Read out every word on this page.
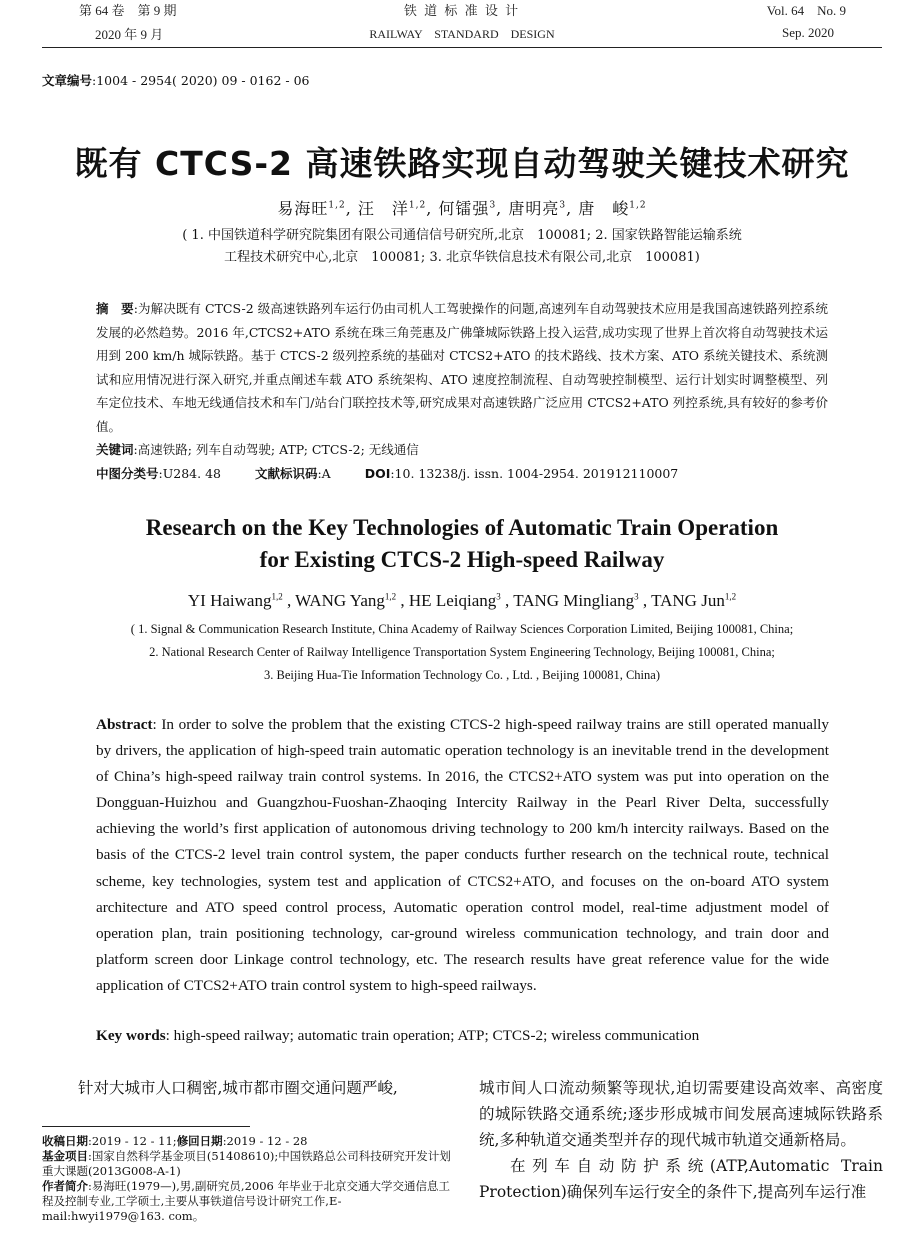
第 64 卷　第 9 期
2020 年 9 月
铁 道 标 准 设 计
RAILWAY　STANDARD　DESIGN
Vol. 64　No. 9
Sep. 2020
文章编号:1004 - 2954( 2020) 09 - 0162 - 06
既有 CTCS-2 高速铁路实现自动驾驶关键技术研究
易海旺$^{1,2}$, 汪　洋$^{1,2}$, 何镭强$^3$, 唐明亮$^3$, 唐　峻$^{1,2}$
( 1. 中国铁道科学研究院集团有限公司通信信号研究所,北京　100081; 2. 国家铁路智能运输系统
工程技术研究中心,北京　100081; 3. 北京华铁信息技术有限公司,北京　100081)
摘　要:为解决既有 CTCS-2 级高速铁路列车运行仍由司机人工驾驶操作的问题,高速列车自动驾驶技术应用是我国高速铁路列控系统发展的必然趋势。2016 年,CTCS2+ATO 系统在珠三角莞惠及广佛肇城际铁路上投入运营,成功实现了世界上首次将自动驾驶技术运用到 200 km/h 城际铁路。基于 CTCS-2 级列控系统的基础对 CTCS2+ATO 的技术路线、技术方案、ATO 系统关键技术、系统测试和应用情况进行深入研究,并重点阐述车载 ATO 系统架构、ATO 速度控制流程、自动驾驶控制模型、运行计划实时调整模型、列车定位技术、车地无线通信技术和车门/站台门联控技术等,研究成果对高速铁路广泛应用 CTCS2+ATO 列控系统,具有较好的参考价值。
关键词:高速铁路; 列车自动驾驶; ATP; CTCS-2; 无线通信
中图分类号:U284. 48	文献标识码:A	DOI:10. 13238/j. issn. 1004-2954. 201912110007
Research on the Key Technologies of Automatic Train Operation
for Existing CTCS-2 High-speed Railway
YI Haiwang$^{1,2}$ , WANG Yang$^{1,2}$ , HE Leiqiang$^3$ , TANG Mingliang$^3$ , TANG Jun$^{1,2}$
( 1. Signal & Communication Research Institute, China Academy of Railway Sciences Corporation Limited, Beijing 100081, China;
2. National Research Center of Railway Intelligence Transportation System Engineering Technology, Beijing 100081, China;
3. Beijing Hua-Tie Information Technology Co. , Ltd. , Beijing 100081, China)
Abstract: In order to solve the problem that the existing CTCS-2 high-speed railway trains are still operated manually by drivers, the application of high-speed train automatic operation technology is an inevitable trend in the development of China’s high-speed railway train control systems. In 2016, the CTCS2+ATO system was put into operation on the Dongguan-Huizhou and Guangzhou-Fuoshan-Zhaoqing Intercity Railway in the Pearl River Delta, successfully achieving the world’s first application of autonomous driving technology to 200 km/h intercity railways. Based on the basis of the CTCS-2 level train control system, the paper conducts further research on the technical route, technical scheme, key technologies, system test and application of CTCS2+ATO, and focuses on the on-board ATO system architecture and ATO speed control process, Automatic operation control model, real-time adjustment model of operation plan, train positioning technology, car-ground wireless communication technology, and train door and platform screen door Linkage control technology, etc. The research results have great reference value for the wide application of CTCS2+ATO train control system to high-speed railways.
Key words: high-speed railway; automatic train operation; ATP; CTCS-2; wireless communication
针对大城市人口稠密,城市都市圈交通问题严峻,
收稿日期:2019 - 12 - 11;修回日期:2019 - 12 - 28
基金项目:国家自然科学基金项目(51408610);中国铁路总公司科技研究开发计划重大课题(2013G008-A-1)
作者简介:易海旺(1979—),男,副研究员,2006 年毕业于北京交通大学交通信息工程及控制专业,工学硕士,主要从事铁道信号设计研究工作,E-mail:hwyi1979@163. com。
城市间人口流动频繁等现状,迫切需要建设高效率、高密度的城际铁路交通系统;逐步形成城市间发展高速城际铁路系统,多种轨道交通类型并存的现代城市轨道交通新格局。
在列车自动防护系统(ATP,Automatic Train Protection)确保列车运行安全的条件下,提高列车运行准
